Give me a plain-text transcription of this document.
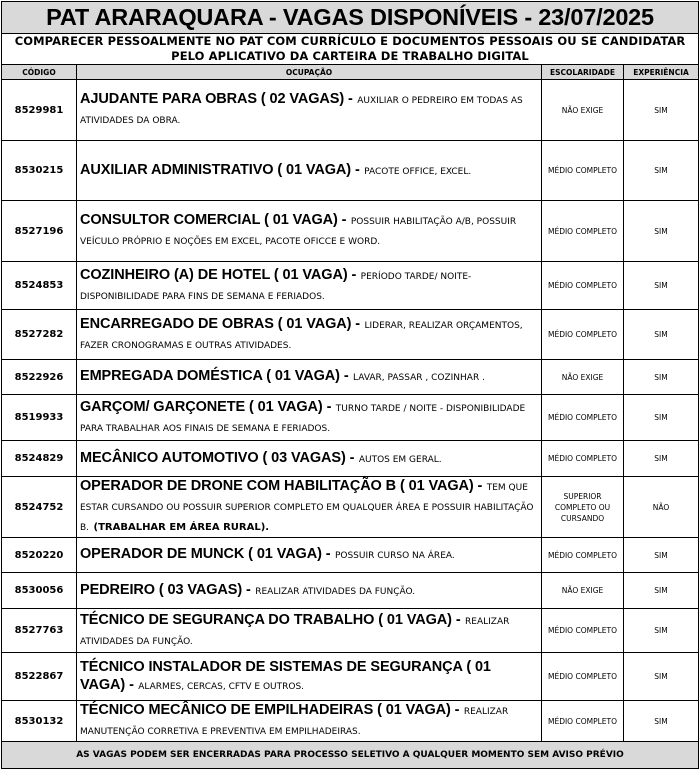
PAT ARARAQUARA - VAGAS DISPONÍVEIS - 23/07/2025			

COMPARECER PESSOALMENTE NO PAT COM CURRÍCULO E DOCUMENTOS PESSOAIS OU SE CANDIDATAR
PELO APLICATIVO DA CARTEIRA DE TRABALHO DIGITAL			

CÓDIGO	OCUPAÇÃO	ESCOLARIDADE	EXPERIÊNCIA
8529981	AJUDANTE PARA OBRAS ( 02 VAGAS) - AUXILIAR O PEDREIRO EM TODAS AS ATIVIDADES DA OBRA.	NÃO EXIGE	SIM
8530215	AUXILIAR ADMINISTRATIVO ( 01 VAGA) - PACOTE OFFICE, EXCEL.	MÉDIO COMPLETO	SIM
8527196	CONSULTOR COMERCIAL ( 01 VAGA) - POSSUIR HABILITAÇÃO A/B, POSSUIR VEÍCULO PRÓPRIO E NOÇÕES EM EXCEL, PACOTE OFICCE E WORD.	MÉDIO COMPLETO	SIM
8524853	COZINHEIRO (A) DE HOTEL ( 01 VAGA) - PERÍODO TARDE/ NOITE- DISPONIBILIDADE PARA FINS DE SEMANA E FERIADOS.	MÉDIO COMPLETO	SIM
8527282	ENCARREGADO DE OBRAS ( 01 VAGA) - LIDERAR, REALIZAR ORÇAMENTOS, FAZER CRONOGRAMAS E OUTRAS ATIVIDADES.	MÉDIO COMPLETO	SIM
8522926	EMPREGADA DOMÉSTICA ( 01 VAGA) - LAVAR, PASSAR , COZINHAR .	NÃO EXIGE	SIM
8519933	GARÇOM/ GARÇONETE ( 01 VAGA) - TURNO TARDE / NOITE - DISPONIBILIDADE PARA TRABALHAR AOS FINAIS DE SEMANA E FERIADOS.	MÉDIO COMPLETO	SIM
8524829	MECÂNICO AUTOMOTIVO ( 03 VAGAS) - AUTOS EM GERAL.	MÉDIO COMPLETO	SIM
8524752	OPERADOR DE DRONE COM HABILITAÇÃO B ( 01 VAGA) - TEM QUE ESTAR CURSANDO OU POSSUIR SUPERIOR COMPLETO EM QUALQUER ÁREA E POSSUIR HABILITAÇÃO B. (TRABALHAR EM ÁREA RURAL).	SUPERIOR COMPLETO OU CURSANDO	NÃO
8520220	OPERADOR DE MUNCK ( 01 VAGA) - POSSUIR CURSO NA ÁREA.	MÉDIO COMPLETO	SIM
8530056	PEDREIRO ( 03 VAGAS) - REALIZAR ATIVIDADES DA FUNÇÃO.	NÃO EXIGE	SIM
8527763	TÉCNICO DE SEGURANÇA DO TRABALHO ( 01 VAGA) - REALIZAR ATIVIDADES DA FUNÇÃO.	MÉDIO COMPLETO	SIM
8522867	TÉCNICO INSTALADOR DE SISTEMAS DE SEGURANÇA ( 01 VAGA) - ALARMES, CERCAS, CFTV E OUTROS.	MÉDIO COMPLETO	SIM
8530132	TÉCNICO MECÂNICO DE EMPILHADEIRAS ( 01 VAGA) - REALIZAR MANUTENÇÃO CORRETIVA E PREVENTIVA EM EMPILHADEIRAS.	MÉDIO COMPLETO	SIM
AS VAGAS PODEM SER ENCERRADAS PARA PROCESSO SELETIVO A QUALQUER MOMENTO SEM AVISO PRÉVIO			
